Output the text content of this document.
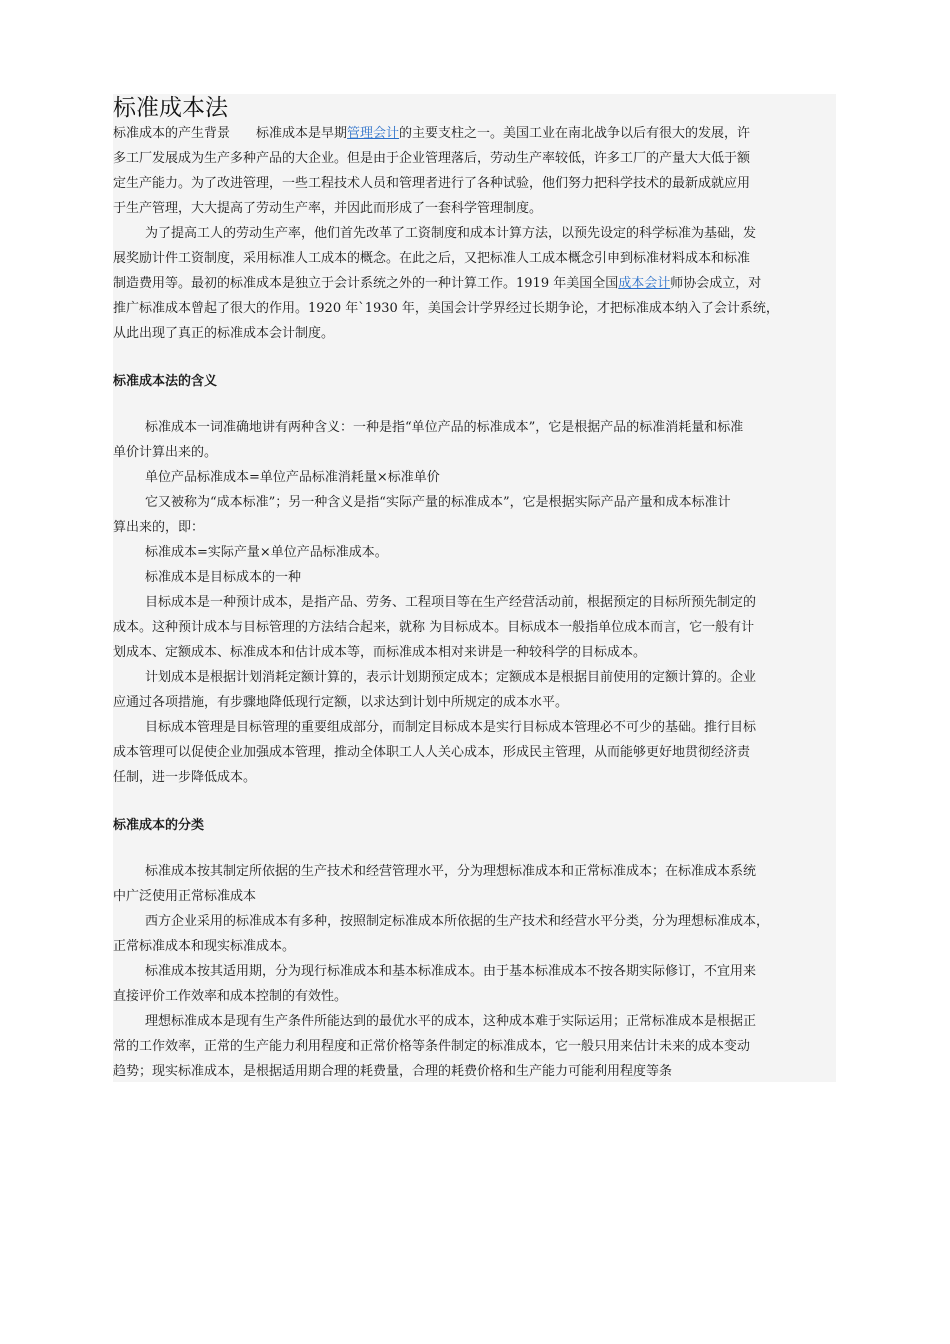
标准成本法
标准成本的产生背景 标准成本是早期管理会计的主要支柱之一。美国工业在南北战争以后有很大的发展，许
多工厂发展成为生产多种产品的大企业。但是由于企业管理落后，劳动生产率较低，许多工厂的产量大大低于额
定生产能力。为了改进管理，一些工程技术人员和管理者进行了各种试验，他们努力把科学技术的最新成就应用
于生产管理，大大提高了劳动生产率，并因此而形成了一套科学管理制度。
为了提高工人的劳动生产率，他们首先改革了工资制度和成本计算方法，以预先设定的科学标准为基础，发
展奖励计件工资制度，采用标准人工成本的概念。在此之后，又把标准人工成本概念引申到标准材料成本和标准
制造费用等。最初的标准成本是独立于会计系统之外的一种计算工作。1919 年美国全国成本会计师协会成立，对
推广标准成本曾起了很大的作用。1920 年`1930 年，美国会计学界经过长期争论，才把标准成本纳入了会计系统，
从此出现了真正的标准成本会计制度。
标准成本法的含义
标准成本一词准确地讲有两种含义：一种是指“单位产品的标准成本”，它是根据产品的标准消耗量和标准
单价计算出来的。
单位产品标准成本=单位产品标准消耗量×标准单价
它又被称为“成本标准”；另一种含义是指“实际产量的标准成本”，它是根据实际产品产量和成本标准计
算出来的，即：
标准成本=实际产量×单位产品标准成本。
标准成本是目标成本的一种
目标成本是一种预计成本，是指产品、劳务、工程项目等在生产经营活动前，根据预定的目标所预先制定的
成本。这种预计成本与目标管理的方法结合起来，就称 为目标成本。目标成本一般指单位成本而言，它一般有计
划成本、定额成本、标准成本和估计成本等，而标准成本相对来讲是一种较科学的目标成本。
计划成本是根据计划消耗定额计算的，表示计划期预定成本；定额成本是根据目前使用的定额计算的。企业
应通过各项措施，有步骤地降低现行定额，以求达到计划中所规定的成本水平。
目标成本管理是目标管理的重要组成部分，而制定目标成本是实行目标成本管理必不可少的基础。推行目标
成本管理可以促使企业加强成本管理，推动全体职工人人关心成本，形成民主管理，从而能够更好地贯彻经济责
任制，进一步降低成本。
标准成本的分类
标准成本按其制定所依据的生产技术和经营管理水平，分为理想标准成本和正常标准成本；在标准成本系统
中广泛使用正常标准成本
西方企业采用的标准成本有多种，按照制定标准成本所依据的生产技术和经营水平分类，分为理想标准成本，
正常标准成本和现实标准成本。
标准成本按其适用期，分为现行标准成本和基本标准成本。由于基本标准成本不按各期实际修订，不宜用来
直接评价工作效率和成本控制的有效性。
理想标准成本是现有生产条件所能达到的最优水平的成本，这种成本难于实际运用；正常标准成本是根据正
常的工作效率，正常的生产能力利用程度和正常价格等条件制定的标准成本，它一般只用来估计未来的成本变动
趋势；现实标准成本，是根据适用期合理的耗费量，合理的耗费价格和生产能力可能利用程度等条
